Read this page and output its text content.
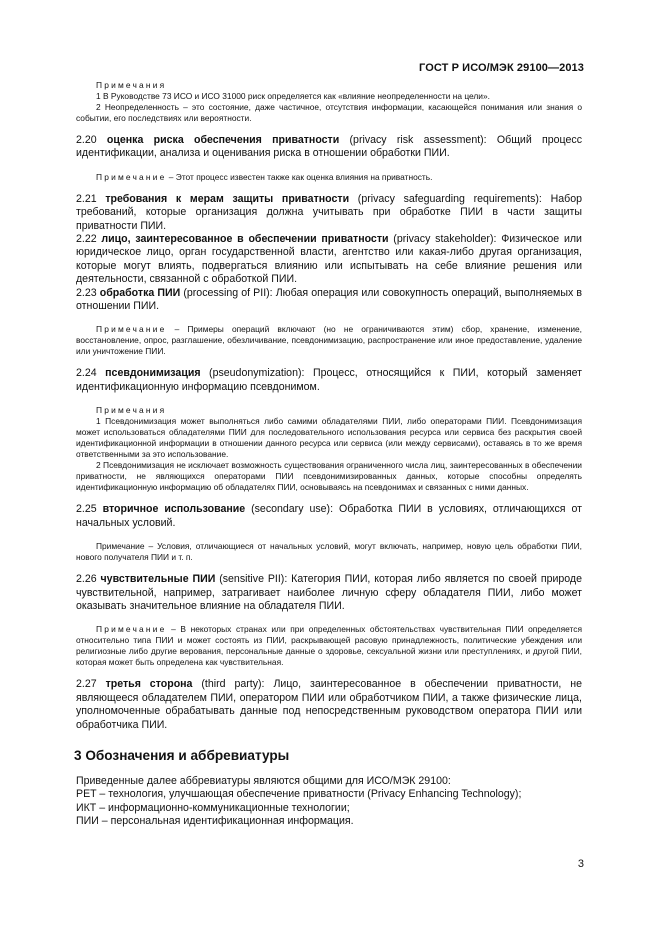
ГОСТ Р ИСО/МЭК 29100—2013

Примечания

1 В Руководстве 73 ИСО и ИСО 31000 риск определяется как «влияние неопределенности на цели».

2 Неопределенность – это состояние, даже частичное, отсутствия информации, касающейся понимания или знания о событии, его последствиях или вероятности.

2.20 оценка риска обеспечения приватности (privacy risk assessment): Общий процесс идентификации, анализа и оценивания риска в отношении обработки ПИИ.

Примечание – Этот процесс известен также как оценка влияния на приватность.

2.21 требования к мерам защиты приватности (privacy safeguarding requirements): Набор требований, которые организация должна учитывать при обработке ПИИ в части защиты приватности ПИИ.

2.22 лицо, заинтересованное в обеспечении приватности (privacy stakeholder): Физическое или юридическое лицо, орган государственной власти, агентство или какая-либо другая организация, которые могут влиять, подвергаться влиянию или испытывать на себе влияние решения или деятельности, связанной с обработкой ПИИ.

2.23 обработка ПИИ (processing of PII): Любая операция или совокупность операций, выполняемых в отношении ПИИ.

Примечание – Примеры операций включают (но не ограничиваются этим) сбор, хранение, изменение, восстановление, опрос, разглашение, обезличивание, псевдонимизацию, распространение или иное предоставление, удаление или уничтожение ПИИ.

2.24 псевдонимизация (pseudonymization): Процесс, относящийся к ПИИ, который заменяет идентификационную информацию псевдонимом.

Примечания

1 Псевдонимизация может выполняться либо самими обладателями ПИИ, либо операторами ПИИ. Псевдонимизация может использоваться обладателями ПИИ для последовательного использования ресурса или сервиса без раскрытия своей идентификационной информации в отношении данного ресурса или сервиса (или между сервисами), оставаясь в то же время ответственными за это использование.

2 Псевдонимизация не исключает возможность существования ограниченного числа лиц, заинтересованных в обеспечении приватности, не являющихся операторами ПИИ псевдонимизированных данных, которые способны определять идентификационную информацию об обладателях ПИИ, основываясь на псевдонимах и связанных с ними данных.

2.25 вторичное использование (secondary use): Обработка ПИИ в условиях, отличающихся от начальных условий.

Примечание – Условия, отличающиеся от начальных условий, могут включать, например, новую цель обработки ПИИ, нового получателя ПИИ и т. п.

2.26 чувствительные ПИИ (sensitive PII): Категория ПИИ, которая либо является по своей природе чувствительной, например, затрагивает наиболее личную сферу обладателя ПИИ, либо может оказывать значительное влияние на обладателя ПИИ.

Примечание – В некоторых странах или при определенных обстоятельствах чувствительная ПИИ определяется относительно типа ПИИ и может состоять из ПИИ, раскрывающей расовую принадлежность, политические убеждения или религиозные либо другие верования, персональные данные о здоровье, сексуальной жизни или преступлениях, и другой ПИИ, которая может быть определена как чувствительная.

2.27 третья сторона (third party): Лицо, заинтересованное в обеспечении приватности, не являющееся обладателем ПИИ, оператором ПИИ или обработчиком ПИИ, а также физические лица, уполномоченные обрабатывать данные под непосредственным руководством оператора ПИИ или обработчика ПИИ.

3 Обозначения и аббревиатуры

Приведенные далее аббревиатуры являются общими для ИСО/МЭК 29100:

PET – технология, улучшающая обеспечение приватности (Privacy Enhancing Technology);

ИКТ – информационно-коммуникационные технологии;

ПИИ – персональная идентификационная информация.

3
